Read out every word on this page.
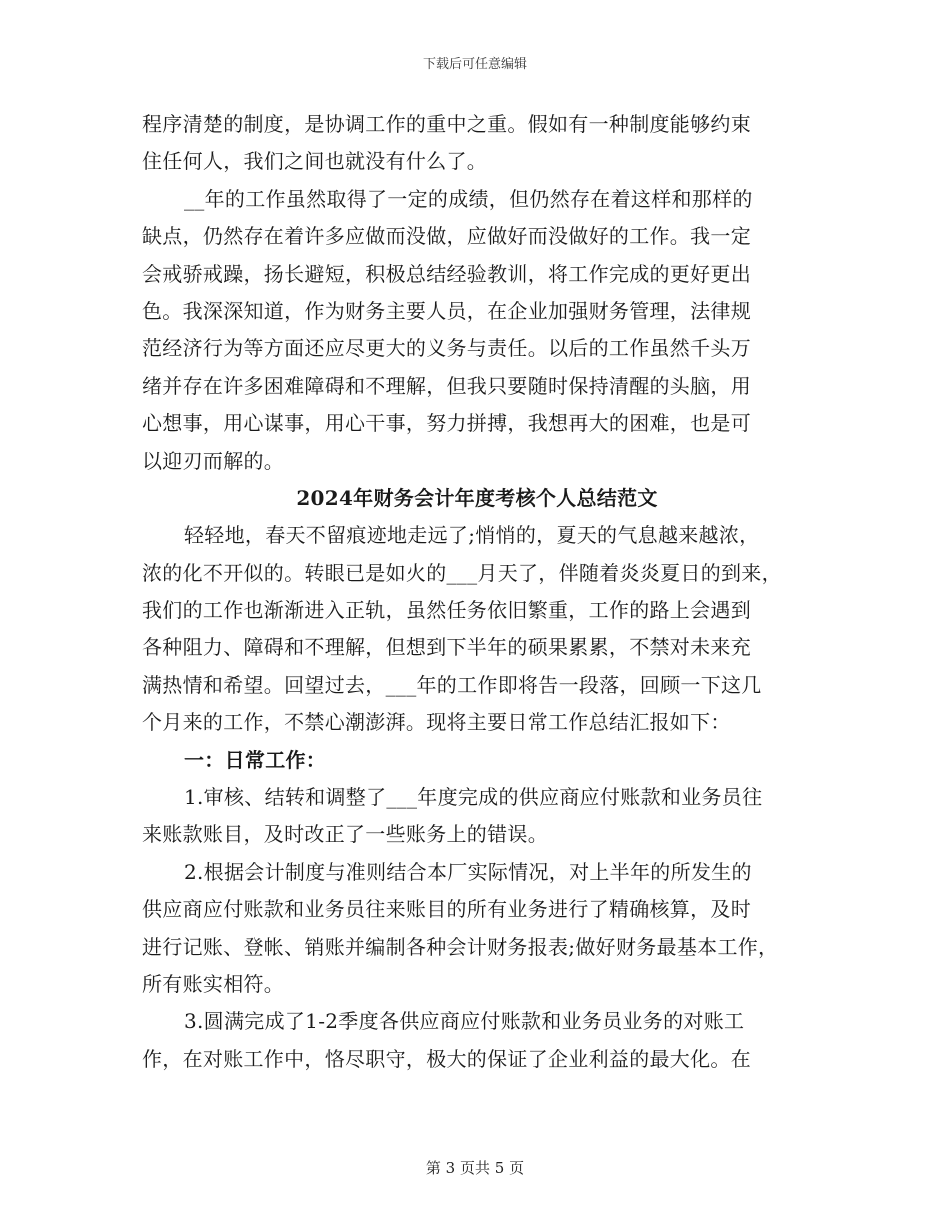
下载后可任意编辑
程序清楚的制度，是协调工作的重中之重。假如有一种制度能够约束
住任何人，我们之间也就没有什么了。
__年的工作虽然取得了一定的成绩，但仍然存在着这样和那样的
缺点，仍然存在着许多应做而没做，应做好而没做好的工作。我一定
会戒骄戒躁，扬长避短，积极总结经验教训，将工作完成的更好更出
色。我深深知道，作为财务主要人员，在企业加强财务管理，法律规
范经济行为等方面还应尽更大的义务与责任。以后的工作虽然千头万
绪并存在许多困难障碍和不理解，但我只要随时保持清醒的头脑，用
心想事，用心谋事，用心干事，努力拼搏，我想再大的困难，也是可
以迎刃而解的。
2024年财务会计年度考核个人总结范文
轻轻地，春天不留痕迹地走远了;悄悄的，夏天的气息越来越浓，
浓的化不开似的。转眼已是如火的___月天了，伴随着炎炎夏日的到来，
我们的工作也渐渐进入正轨，虽然任务依旧繁重，工作的路上会遇到
各种阻力、障碍和不理解，但想到下半年的硕果累累，不禁对未来充
满热情和希望。回望过去，___年的工作即将告一段落，回顾一下这几
个月来的工作，不禁心潮澎湃。现将主要日常工作总结汇报如下：
一：日常工作：
1.审核、结转和调整了___年度完成的供应商应付账款和业务员往
来账款账目，及时改正了一些账务上的错误。
2.根据会计制度与准则结合本厂实际情况，对上半年的所发生的
供应商应付账款和业务员往来账目的所有业务进行了精确核算，及时
进行记账、登帐、销账并编制各种会计财务报表;做好财务最基本工作，
所有账实相符。
3.圆满完成了1-2季度各供应商应付账款和业务员业务的对账工
作，在对账工作中，恪尽职守，极大的保证了企业利益的最大化。在
第 3 页共 5 页
